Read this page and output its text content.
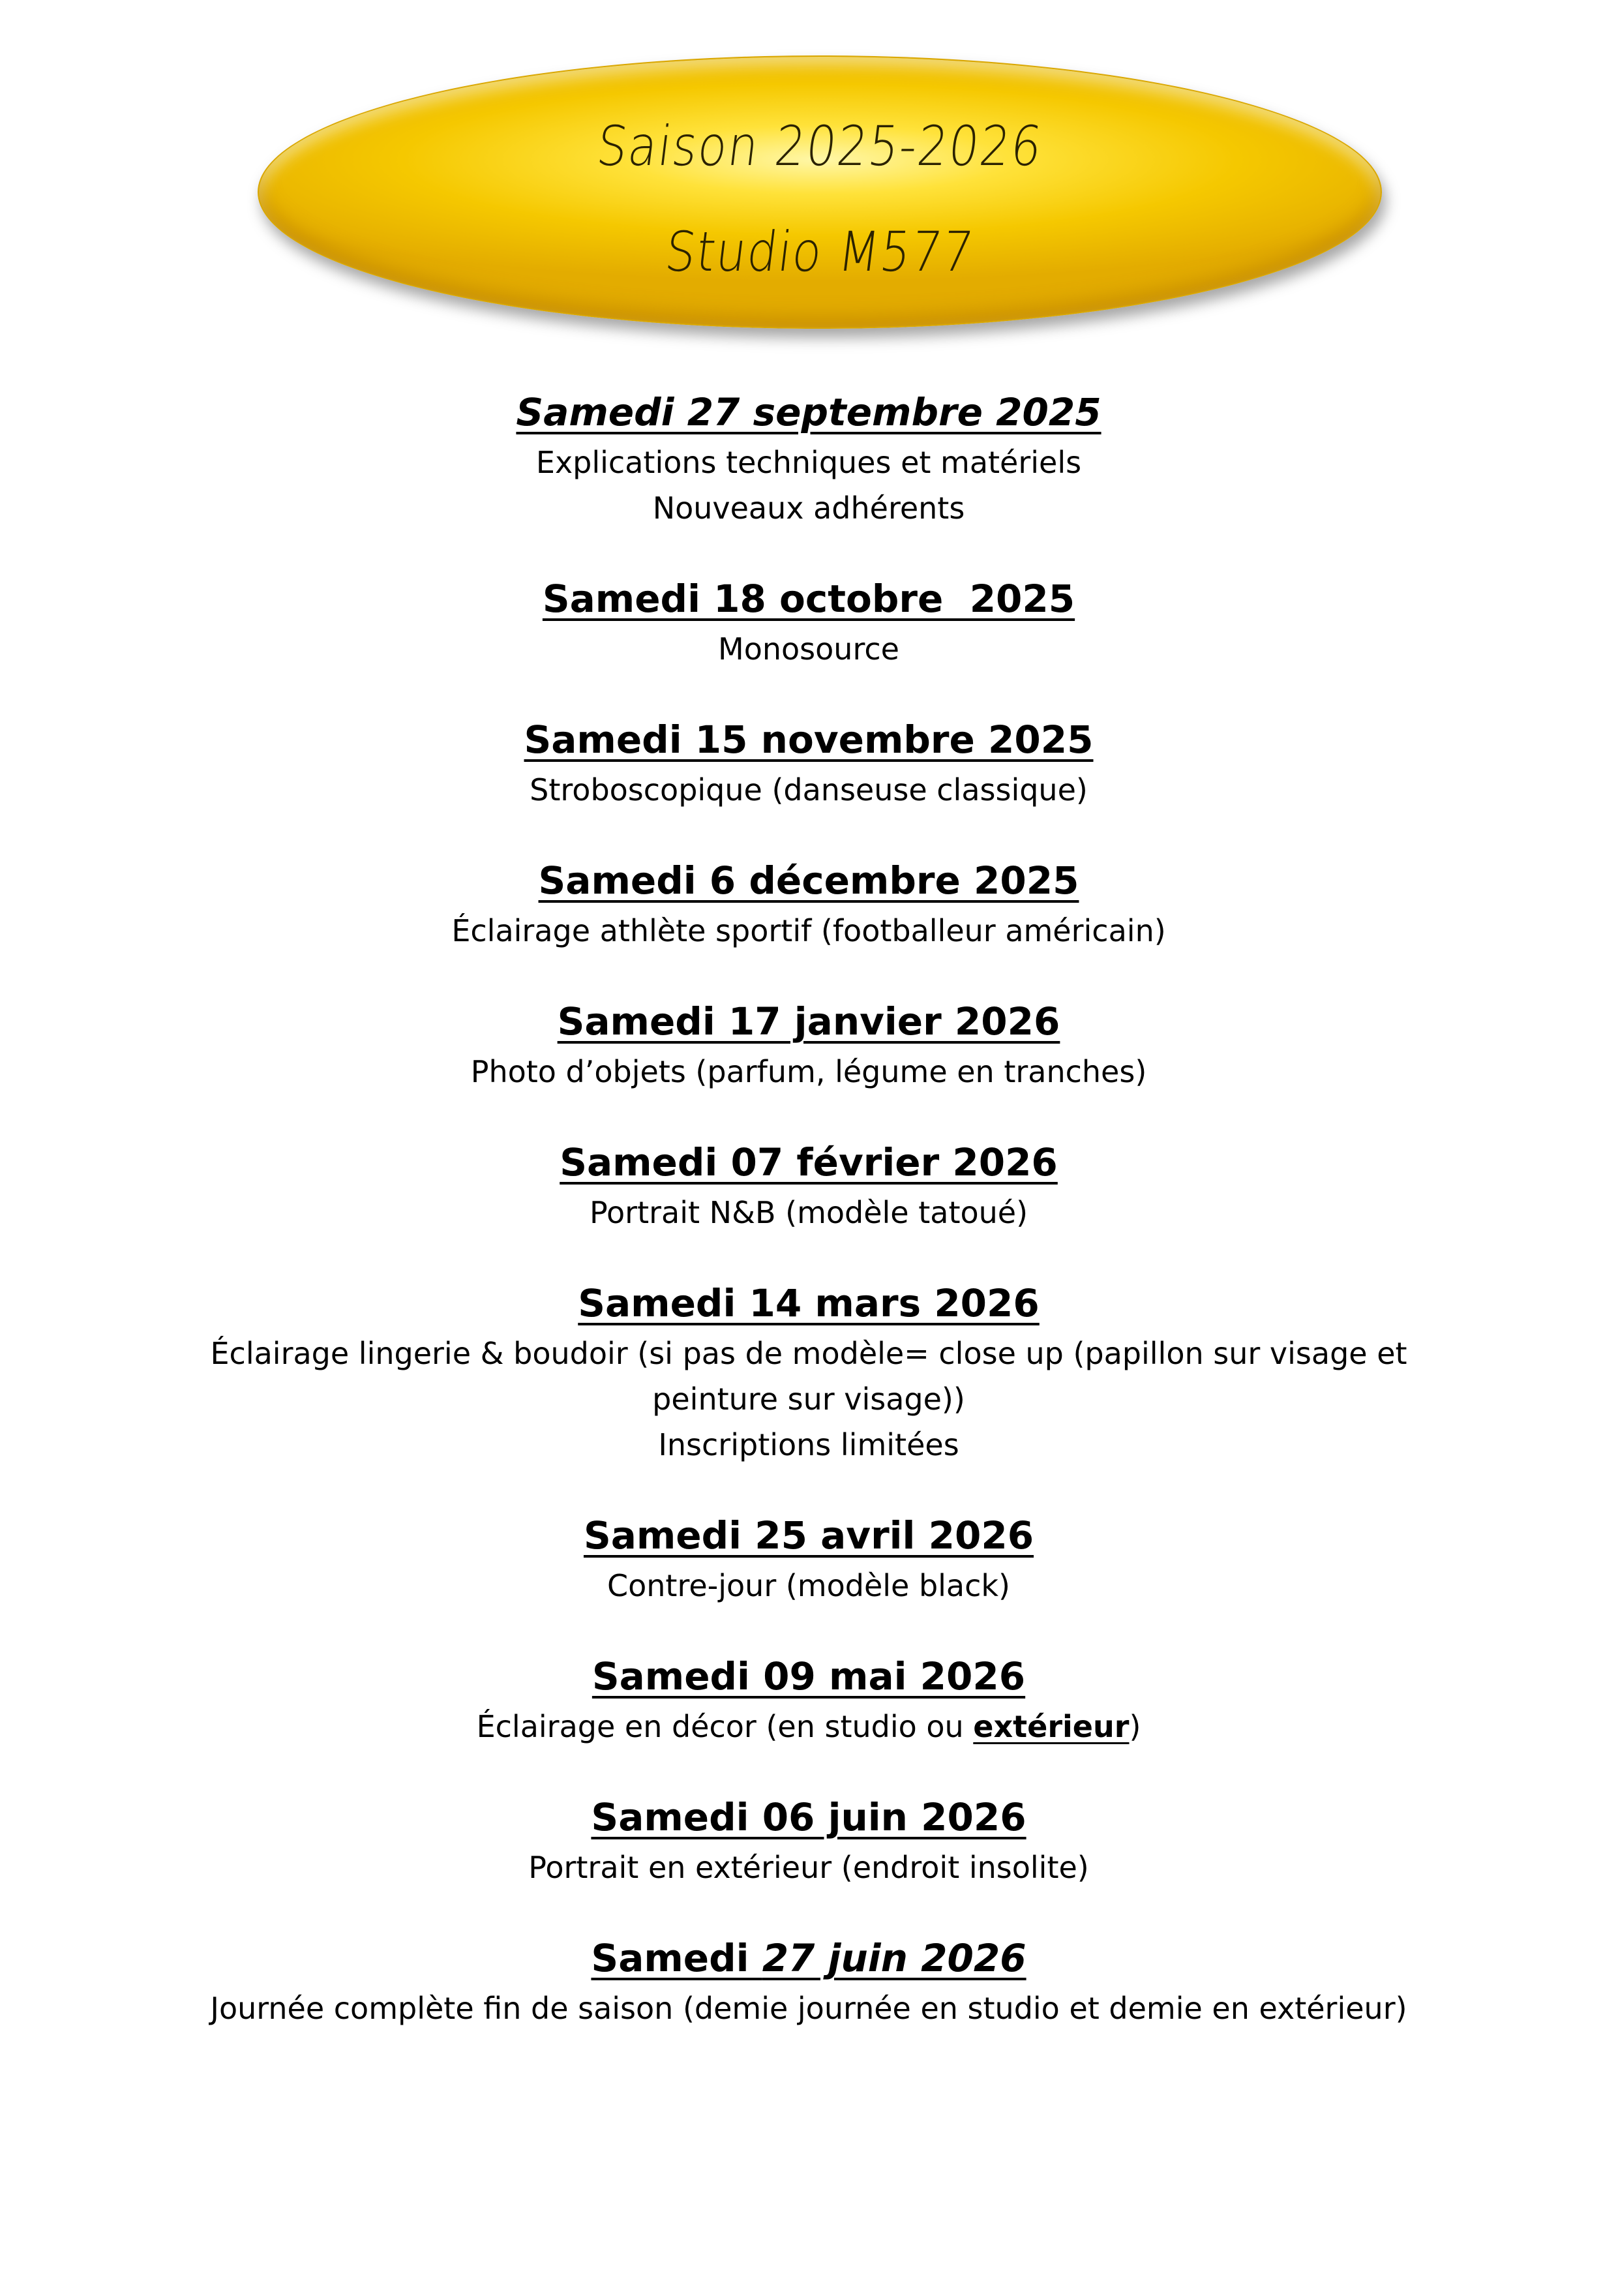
Saison 2025-2026
Studio M577
Samedi 27 septembre 2025
Explications techniques et matériels
Nouveaux adhérents
Samedi 18 octobre  2025
Monosource
Samedi 15 novembre 2025
Stroboscopique (danseuse classique)
Samedi 6 décembre 2025
Éclairage athlète sportif (footballeur américain)
Samedi 17 janvier 2026
Photo d’objets (parfum, légume en tranches)
Samedi 07 février 2026
Portrait N&B (modèle tatoué)
Samedi 14 mars 2026
Éclairage lingerie & boudoir (si pas de modèle= close up (papillon sur visage et
peinture sur visage))
Inscriptions limitées
Samedi 25 avril 2026
Contre-jour (modèle black)
Samedi 09 mai 2026
Éclairage en décor (en studio ou extérieur)
Samedi 06 juin 2026
Portrait en extérieur (endroit insolite)
Samedi 27 juin 2026
Journée complète fin de saison (demie journée en studio et demie en extérieur)
